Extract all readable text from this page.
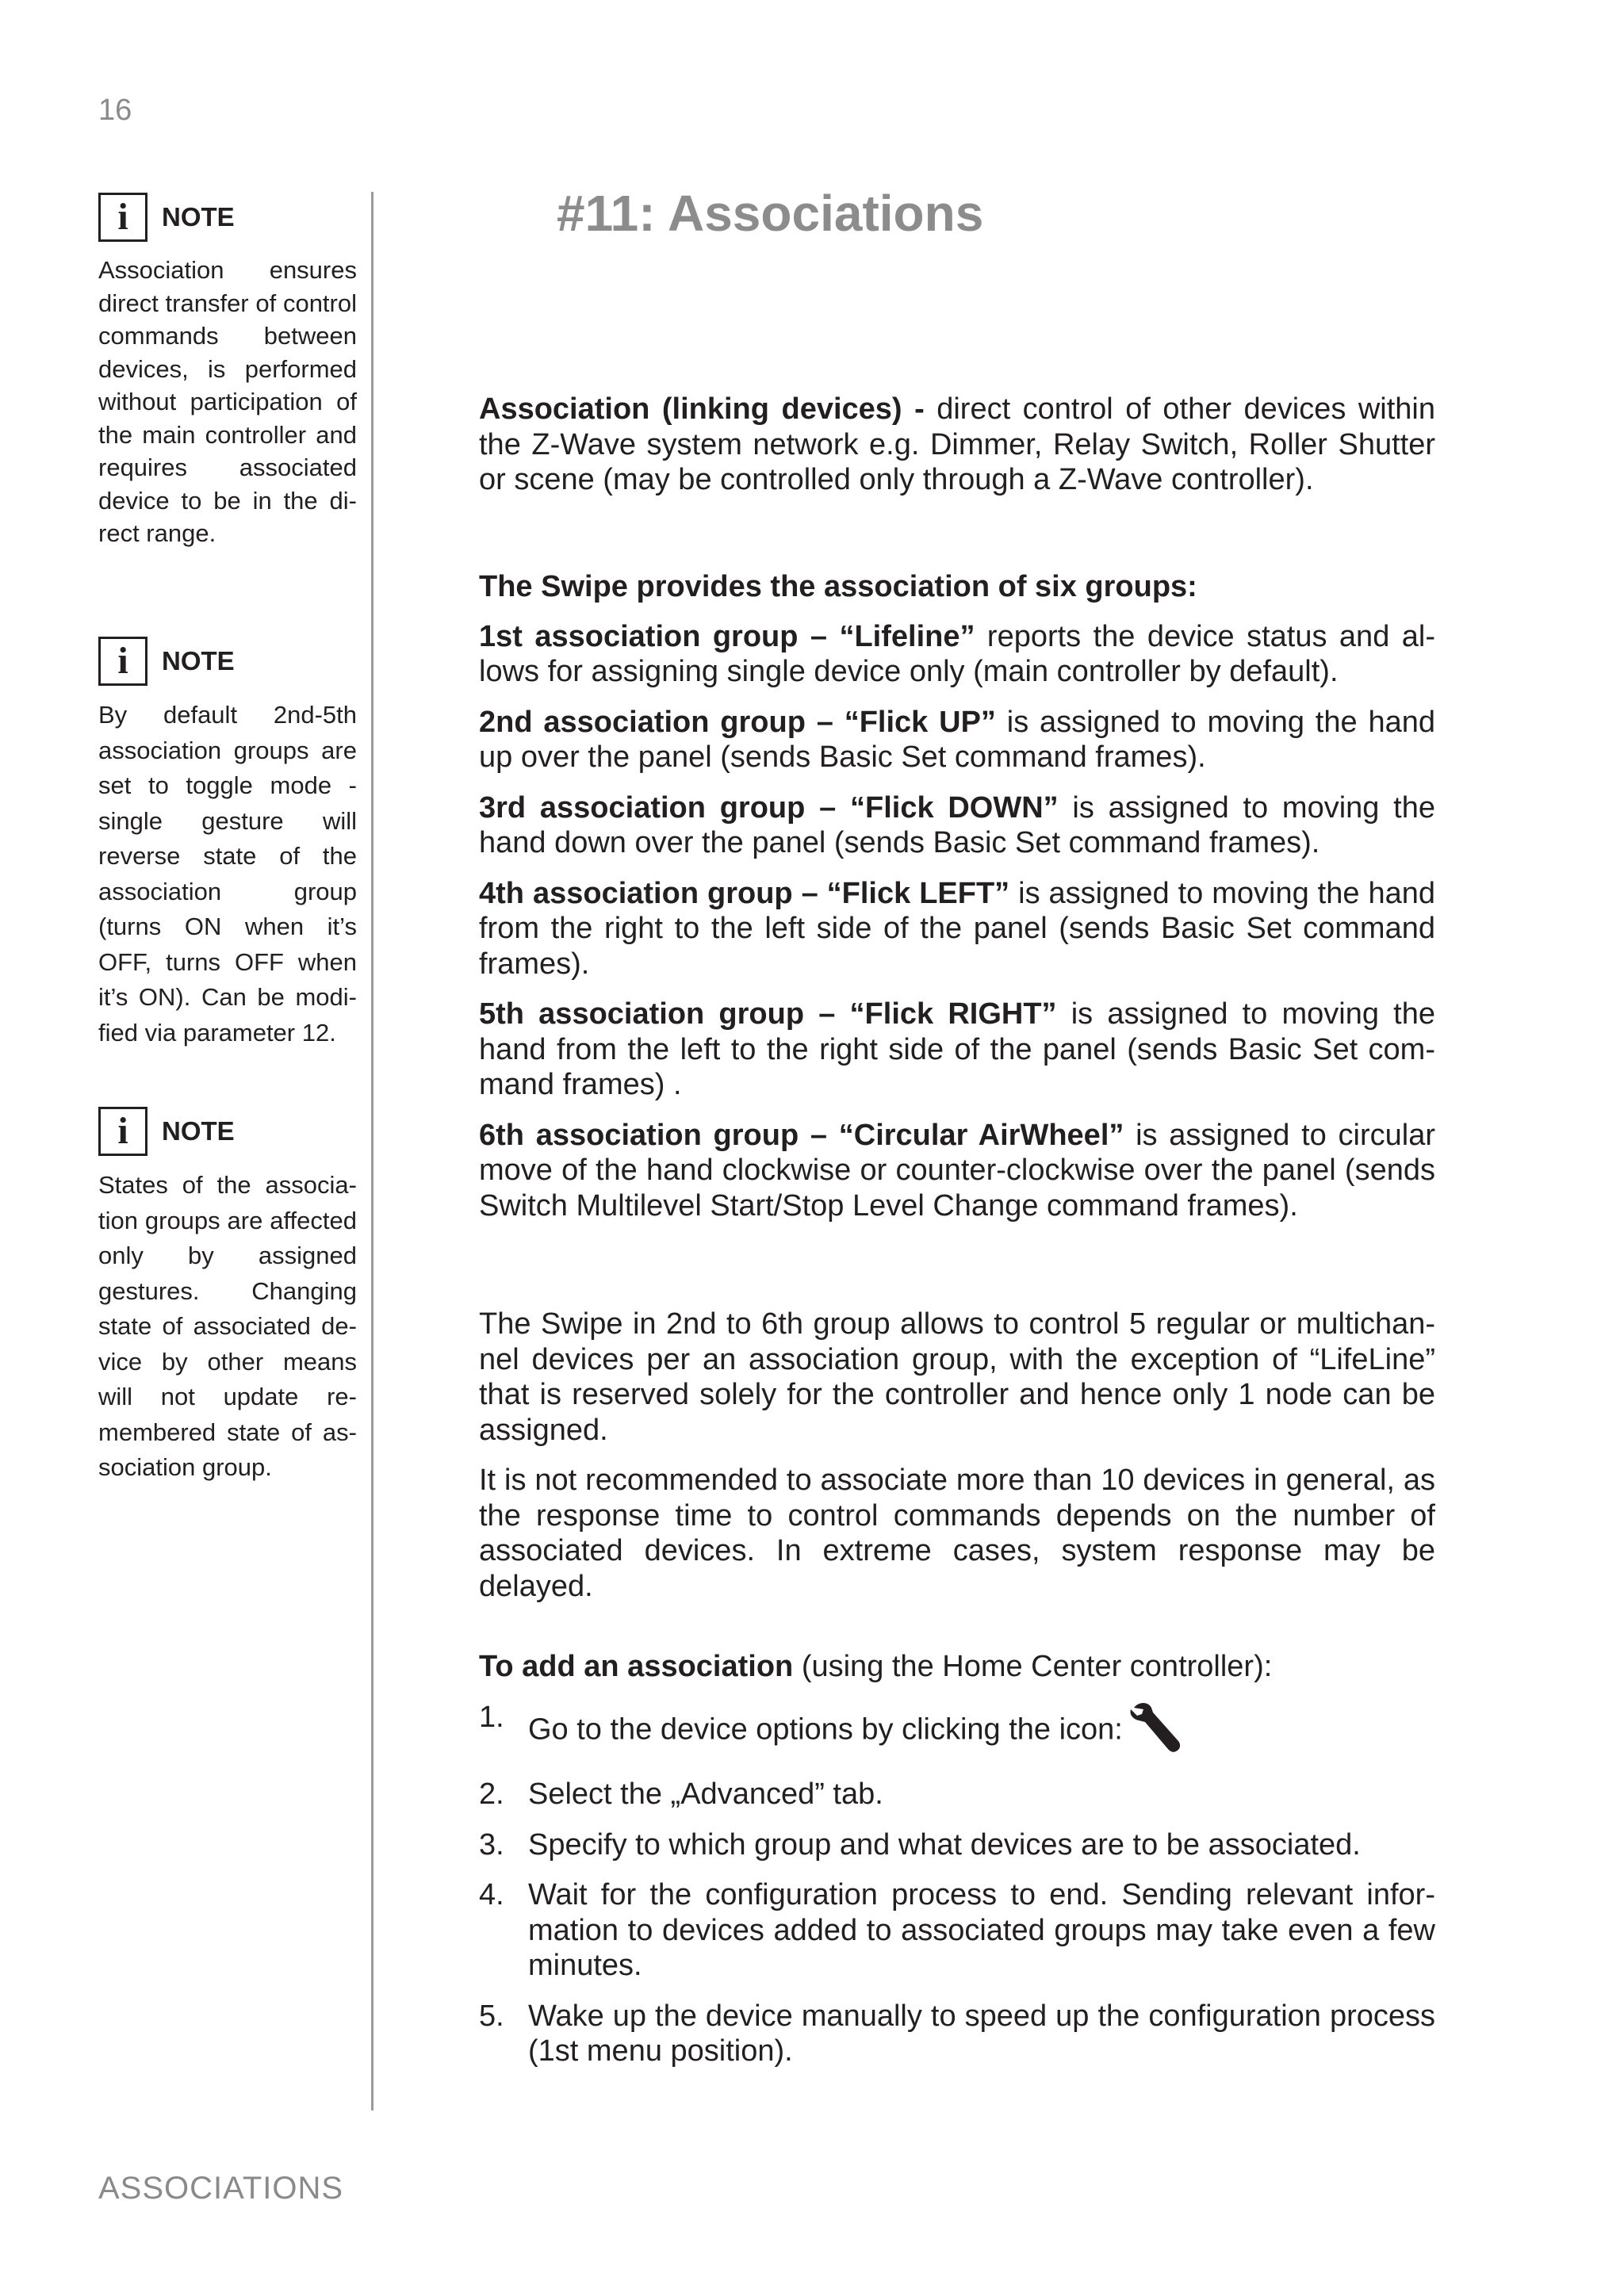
16
i	NOTE
Association ensures direct transfer of control commands between devices, is performed without participation of the main controller and requires associated device to be in the direct range.
i	NOTE
By default 2nd-5th association groups are set to toggle mode - single gesture will reverse state of the association group (turns ON when it’s OFF, turns OFF when it’s ON). Can be modified via parameter 12.
i	NOTE
States of the association groups are affected only by assigned gestures. Changing state of associated device by other means will not update remembered state of association group.
#11: Associations

Association (linking devices) - direct control of other devices within the Z-Wave system network e.g. Dimmer, Relay Switch, Roller Shutter or scene (may be controlled only through a Z-Wave controller).

The Swipe provides the association of six groups:

1st association group – “Lifeline” reports the device status and allows for assigning single device only (main controller by default).

2nd association group – “Flick UP” is assigned to moving the hand up over the panel (sends Basic Set command frames).

3rd association group – “Flick DOWN” is assigned to moving the hand down over the panel (sends Basic Set command frames).

4th association group – “Flick LEFT” is assigned to moving the hand from the right to the left side of the panel (sends Basic Set command frames).

5th association group – “Flick RIGHT” is assigned to moving the hand from the left to the right side of the panel (sends Basic Set command frames) .

6th association group – “Circular AirWheel” is assigned to circular move of the hand clockwise or counter-clockwise over the panel (sends Switch Multilevel Start/Stop Level Change command frames).

The Swipe in 2nd to 6th group allows to control 5 regular or multichannel devices per an association group, with the exception of “LifeLine” that is reserved solely for the controller and hence only 1 node can be assigned.

It is not recommended to associate more than 10 devices in general, as the response time to control commands depends on the number of associated devices. In extreme cases, system response may be delayed.

To add an association (using the Home Center controller):

1. Go to the device options by clicking the icon:
2. Select the „Advanced” tab.
3. Specify to which group and what devices are to be associated.
4. Wait for the configuration process to end. Sending relevant information to devices added to associated groups may take even a few minutes.
5. Wake up the device manually to speed up the configuration process (1st menu position).
ASSOCIATIONS
